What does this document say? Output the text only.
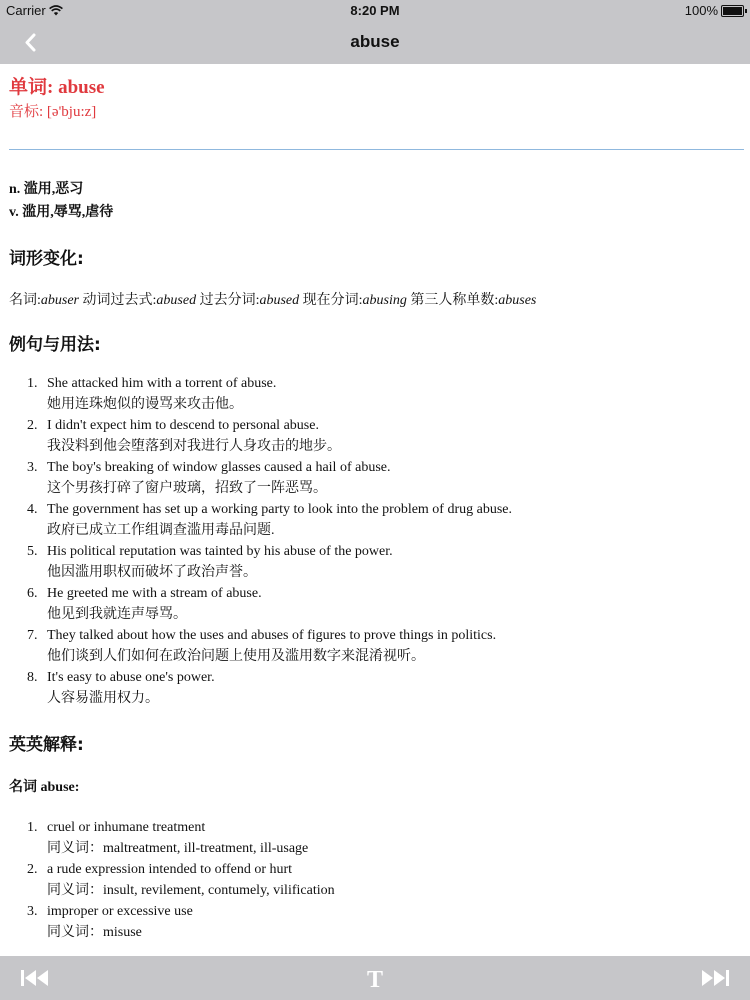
Carrier	8:20 PM	100%
abuse
单词: abuse
音标: [ə'bju:z]
n. 滥用,恶习
v. 滥用,辱骂,虐待
词形变化:
名词:abuser 动词过去式:abused 过去分词:abused 现在分词:abusing 第三人称单数:abuses
例句与用法:
1. She attacked him with a torrent of abuse.
她用连珠炮似的谩骂来攻击他。
2. I didn't expect him to descend to personal abuse.
我没料到他会堕落到对我进行人身攻击的地步。
3. The boy's breaking of window glasses caused a hail of abuse.
这个男孩打碎了窗户玻璃，招致了一阵恶骂。
4. The government has set up a working party to look into the problem of drug abuse.
政府已成立工作组调查滥用毒品问题.
5. His political reputation was tainted by his abuse of the power.
他因滥用职权而破坏了政治声誉。
6. He greeted me with a stream of abuse.
他见到我就连声辱骂。
7. They talked about how the uses and abuses of figures to prove things in politics.
他们谈到人们如何在政治问题上使用及滥用数字来混淆视听。
8. It's easy to abuse one's power.
人容易滥用权力。
英英解释:
名词 abuse:
1. cruel or inhumane treatment
同义词：maltreatment, ill-treatment, ill-usage
2. a rude expression intended to offend or hurt
同义词：insult, revilement, contumely, vilification
3. improper or excessive use
同义词：misuse
T
